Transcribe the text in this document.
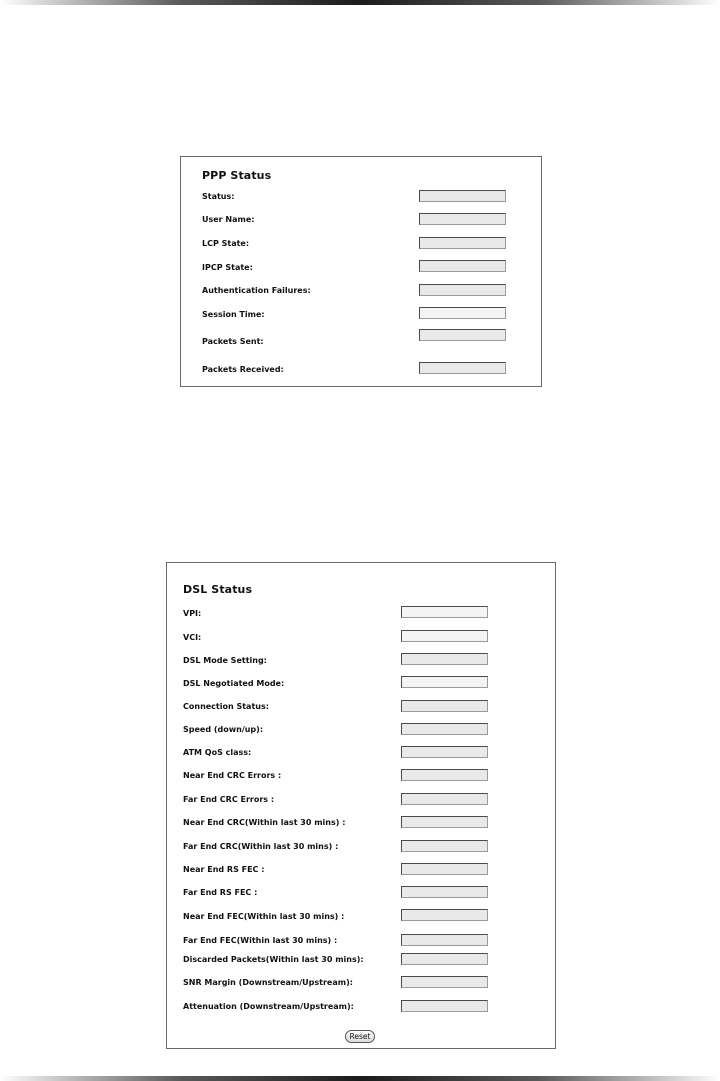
PPP Status
Status:
User Name:
LCP State:
IPCP State:
Authentication Failures:
Session Time:
Packets Sent:
Packets Received:
DSL Status
VPI:
VCI:
DSL Mode Setting:
DSL Negotiated Mode:
Connection Status:
Speed (down/up):
ATM QoS class:
Near End CRC Errors :
Far End CRC Errors :
Near End CRC(Within last 30 mins) :
Far End CRC(Within last 30 mins) :
Near End RS FEC :
Far End RS FEC :
Near End FEC(Within last 30 mins) :
Far End FEC(Within last 30 mins) :
Discarded Packets(Within last 30 mins):
SNR Margin (Downstream/Upstream):
Attenuation (Downstream/Upstream):
Reset
